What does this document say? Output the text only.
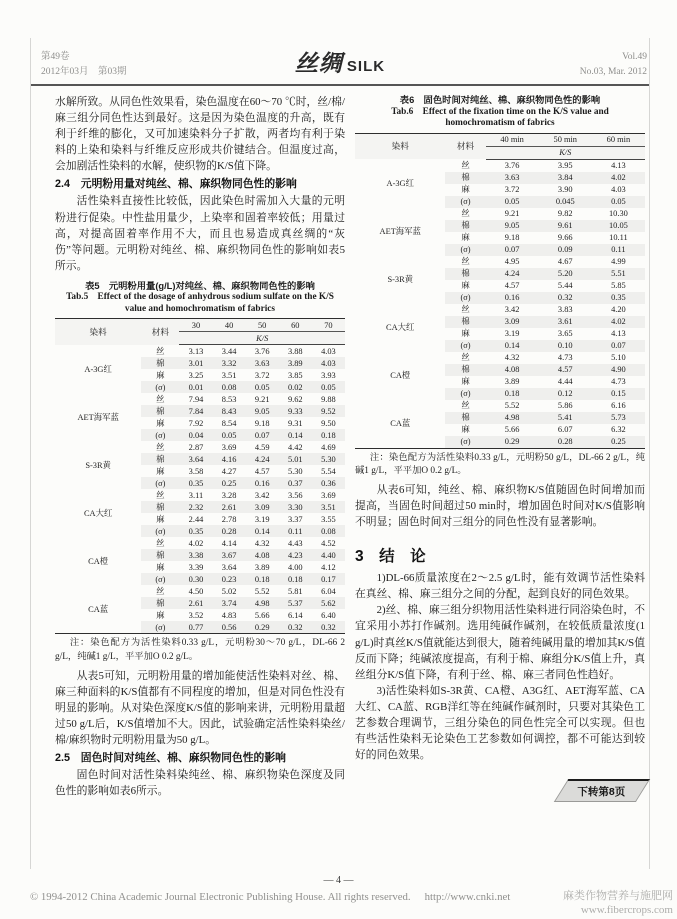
第49卷
2012年03月　第03期	丝绸 SILK
Vol.49
No.03, Mar. 2012

水解所致。从同色性效果看，染色温度在60～70 ℃时，丝/棉/麻三组分同色性达到最好。这是因为染色温度的升高，既有利于纤维的膨化，又可加速染料分子扩散，两者均有利于染料的上染和染料与纤维反应形成共价键结合。但温度过高，会加剧活性染料的水解，使织物的K/S值下降。

2.4　元明粉用量对纯丝、棉、麻织物同色性的影响

活性染料直接性比较低，因此染色时需加入大量的元明粉进行促染。中性盐用量少，上染率和固着率较低；用量过高，对提高固着率作用不大，而且也易造成真丝绸的“灰伤”等问题。元明粉对纯丝、棉、麻织物同色性的影响如表5所示。

表5　元明粉用量(g/L)对纯丝、棉、麻织物同色性的影响
Tab.5　Effect of the dosage of anhydrous sodium sulfate on the K/S value and homochromatism of fabrics
染料	材料	30	40	50	60	70
		K/S				
A-3G红	丝	3.13	3.44	3.76	3.88	4.03
	棉	3.01	3.32	3.63	3.89	4.03
	麻	3.25	3.51	3.72	3.85	3.93
	(σ)	0.01	0.08	0.05	0.02	0.05
AET海军蓝	丝	7.94	8.53	9.21	9.62	9.88
	棉	7.84	8.43	9.05	9.33	9.52
	麻	7.92	8.54	9.18	9.31	9.50
	(σ)	0.04	0.05	0.07	0.14	0.18
S-3R黄	丝	2.87	3.69	4.59	4.42	4.69
	棉	3.64	4.16	4.24	5.01	5.30
	麻	3.58	4.27	4.57	5.30	5.54
	(σ)	0.35	0.25	0.16	0.37	0.36
CA大红	丝	3.11	3.28	3.42	3.56	3.69
	棉	2.32	2.61	3.09	3.30	3.51
	麻	2.44	2.78	3.19	3.37	3.55
	(σ)	0.35	0.28	0.14	0.11	0.08
CA橙	丝	4.02	4.14	4.32	4.43	4.52
	棉	3.38	3.67	4.08	4.23	4.40
	麻	3.39	3.64	3.89	4.00	4.12
	(σ)	0.30	0.23	0.18	0.18	0.17
CA蓝	丝	4.50	5.02	5.52	5.81	6.04
	棉	2.61	3.74	4.98	5.37	5.62
	麻	3.52	4.83	5.66	6.14	6.40
	(σ)	0.77	0.56	0.29	0.32	0.32

注：染色配方为活性染料0.33 g/L，元明粉30～70 g/L，DL-66 2 g/L，纯碱1 g/L，平平加O 0.2 g/L。

从表5可知，元明粉用量的增加能使活性染料对丝、棉、麻三种面料的K/S值都有不同程度的增加，但是对同色性没有明显的影响。从对染色深度K/S值的影响来讲，元明粉用量超过50 g/L后，K/S值增加不大。因此，试验确定活性染料染丝/棉/麻织物时元明粉用量为50 g/L。

2.5　固色时间对纯丝、棉、麻织物同色性的影响

固色时间对活性染料染纯丝、棉、麻织物染色深度及同色性的影响如表6所示。

表6　固色时间对纯丝、棉、麻织物同色性的影响
Tab.6　Effect of the fixation time on the K/S value and homochromatism of fabrics
染料	材料	40 min	50 min	60 min
		K/S		
A-3G红	丝	3.76	3.95	4.13
	棉	3.63	3.84	4.02
	麻	3.72	3.90	4.03
	(σ)	0.05	0.045	0.05
AET海军蓝	丝	9.21	9.82	10.30
	棉	9.05	9.61	10.05
	麻	9.18	9.66	10.11
	(σ)	0.07	0.09	0.11
S-3R黄	丝	4.95	4.67	4.99
	棉	4.24	5.20	5.51
	麻	4.57	5.44	5.85
	(σ)	0.16	0.32	0.35
CA大红	丝	3.42	3.83	4.20
	棉	3.09	3.61	4.02
	麻	3.19	3.65	4.13
	(σ)	0.14	0.10	0.07
CA橙	丝	4.32	4.73	5.10
	棉	4.08	4.57	4.90
	麻	3.89	4.44	4.73
	(σ)	0.18	0.12	0.15
CA蓝	丝	5.52	5.86	6.16
	棉	4.98	5.41	5.73
	麻	5.66	6.07	6.32
	(σ)	0.29	0.28	0.25

注：染色配方为活性染料0.33 g/L，元明粉50 g/L，DL-66 2 g/L，纯碱1 g/L，平平加O 0.2 g/L。

从表6可知，纯丝、棉、麻织物K/S值随固色时间增加而提高，当固色时间超过50 min时，增加固色时间对K/S值影响不明显；固色时间对三组分的同色性没有显著影响。

3　结　论

1)DL-66质量浓度在2～2.5 g/L时，能有效调节活性染料在真丝、棉、麻三组分之间的分配，起到良好的同色效果。

2)丝、棉、麻三组分织物用活性染料进行同浴染色时，不宜采用小苏打作碱剂。选用纯碱作碱剂，在较低质量浓度(1 g/L)时真丝K/S值就能达到很大，随着纯碱用量的增加其K/S值反而下降；纯碱浓度提高，有利于棉、麻组分K/S值上升，真丝组分K/S值下降，有利于丝、棉、麻三者同色性趋好。

3)活性染料如S-3R黄、CA橙、A3G红、AET海军蓝、CA大红、CA蓝、RGB洋红等在纯碱作碱剂时，只要对其染色工艺参数合理调节，三组分染色的同色性完全可以实现。但也有些活性染料无论染色工艺参数如何调控，都不可能达到较好的同色效果。

下转第8页
— 4 —
© 1994-2012 China Academic Journal Electronic Publishing House. All rights reserved. http://www.cnki.net	麻类作物营养与施肥网
www.fibercrops.com
